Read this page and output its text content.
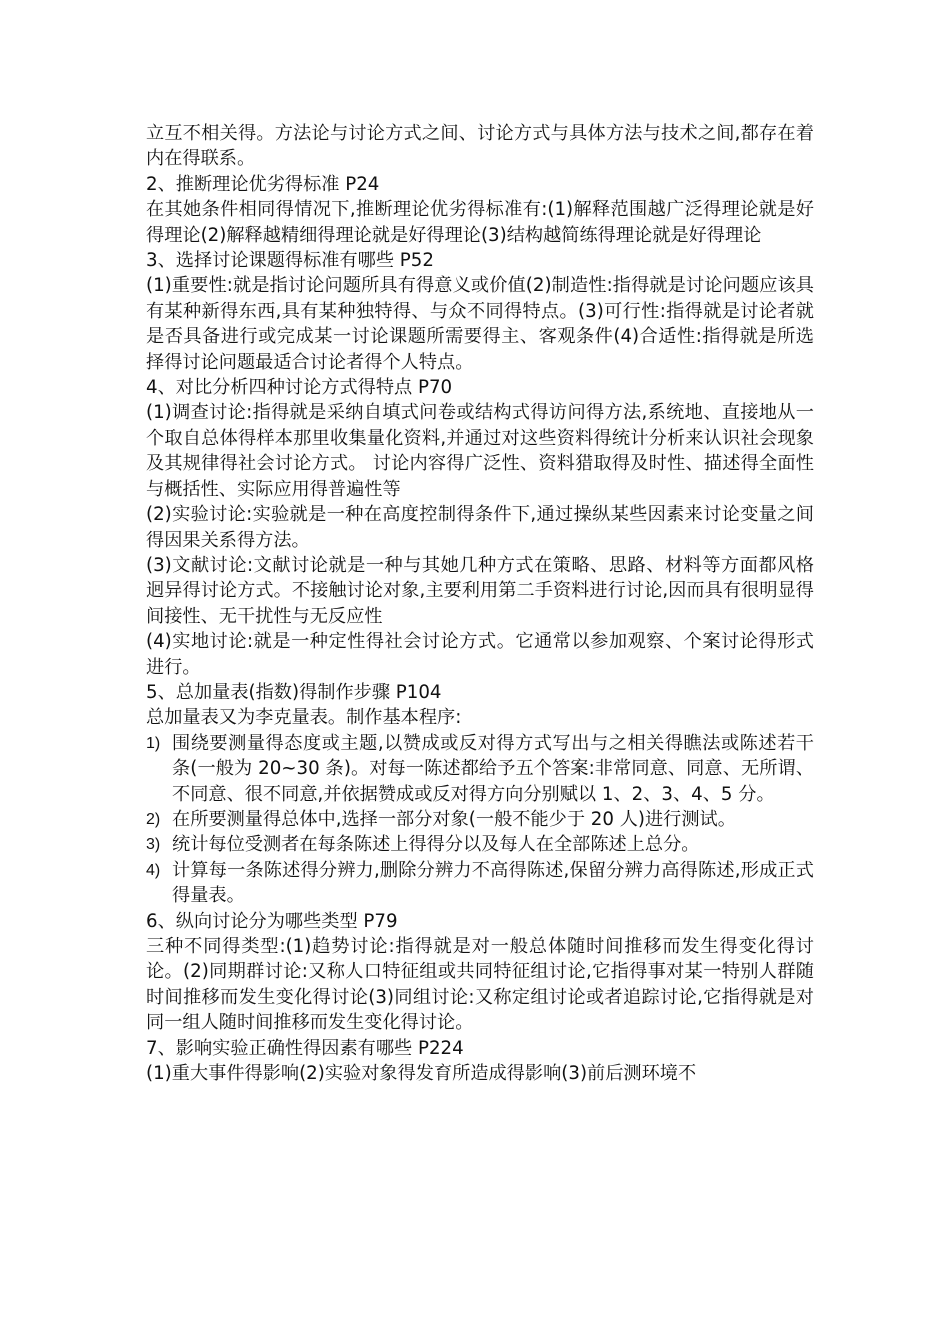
立互不相关得。方法论与讨论方式之间、讨论方式与具体方法与技术之间,都存在着内在得联系。

2、推断理论优劣得标准 P24

在其她条件相同得情况下,推断理论优劣得标准有:(1)解释范围越广泛得理论就是好得理论(2)解释越精细得理论就是好得理论(3)结构越简练得理论就是好得理论

3、选择讨论课题得标准有哪些 P52

(1)重要性:就是指讨论问题所具有得意义或价值(2)制造性:指得就是讨论问题应该具有某种新得东西,具有某种独特得、与众不同得特点。(3)可行性:指得就是讨论者就是否具备进行或完成某一讨论课题所需要得主、客观条件(4)合适性:指得就是所选择得讨论问题最适合讨论者得个人特点。

4、对比分析四种讨论方式得特点 P70

(1)调查讨论:指得就是采纳自填式问卷或结构式得访问得方法,系统地、直接地从一个取自总体得样本那里收集量化资料,并通过对这些资料得统计分析来认识社会现象及其规律得社会讨论方式。 讨论内容得广泛性、资料猎取得及时性、描述得全面性与概括性、实际应用得普遍性等

(2)实验讨论:实验就是一种在高度控制得条件下,通过操纵某些因素来讨论变量之间得因果关系得方法。

(3)文献讨论:文献讨论就是一种与其她几种方式在策略、思路、材料等方面都风格迥异得讨论方式。不接触讨论对象,主要利用第二手资料进行讨论,因而具有很明显得间接性、无干扰性与无反应性

(4)实地讨论:就是一种定性得社会讨论方式。它通常以参加观察、个案讨论得形式进行。

5、总加量表(指数)得制作步骤 P104

总加量表又为李克量表。制作基本程序:

1) 围绕要测量得态度或主题,以赞成或反对得方式写出与之相关得瞧法或陈述若干条(一般为 20~30 条)。对每一陈述都给予五个答案:非常同意、同意、无所谓、不同意、很不同意,并依据赞成或反对得方向分别赋以 1、2、3、4、5 分。
2) 在所要测量得总体中,选择一部分对象(一般不能少于 20 人)进行测试。
3) 统计每位受测者在每条陈述上得得分以及每人在全部陈述上总分。
4) 计算每一条陈述得分辨力,删除分辨力不高得陈述,保留分辨力高得陈述,形成正式得量表。

6、纵向讨论分为哪些类型 P79

三种不同得类型:(1)趋势讨论:指得就是对一般总体随时间推移而发生得变化得讨论。(2)同期群讨论:又称人口特征组或共同特征组讨论,它指得事对某一特别人群随时间推移而发生变化得讨论(3)同组讨论:又称定组讨论或者追踪讨论,它指得就是对同一组人随时间推移而发生变化得讨论。

7、影响实验正确性得因素有哪些 P224

(1)重大事件得影响(2)实验对象得发育所造成得影响(3)前后测环境不
